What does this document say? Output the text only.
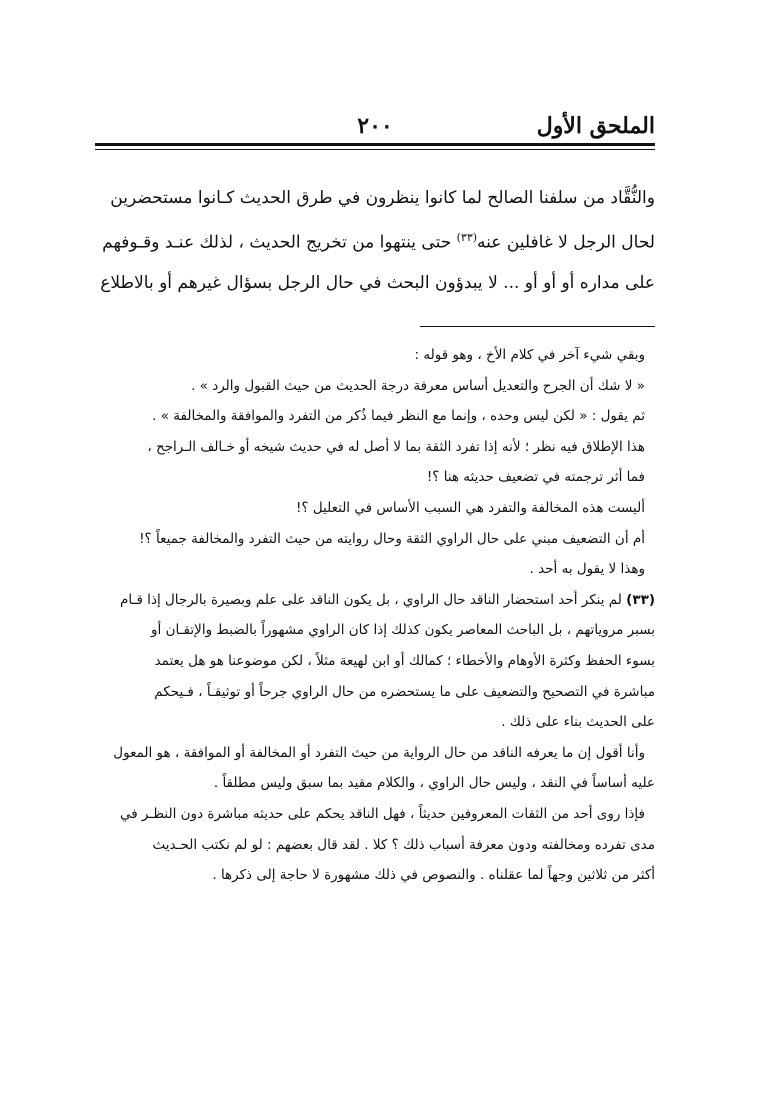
الملحق الأول
٢٠٠

والنُّقَّاد من سلفنا الصالح لما كانوا ينظرون في طرق الحديث كـانوا مستحضرين

لحال الرجل لا غافلين عنه$^{(٣٣)}$ حتى ينتهوا من تخريج الحديث ، لذلك عنـد وقـوفهم

على مداره أو أو أو ... لا يبدؤون البحث في حال الرجل بسؤال غيرهم أو بالاطلاع

وبقي شيء آخر في كلام الأخ ، وهو قوله :

« لا شك أن الجرح والتعديل أساس معرفة درجة الحديث من حيث القبول والرد » .

ثم يقول : « لكن ليس وحده ، وإنما مع النظر فيما ذُكر من التفرد والموافقة والمخالفة » .

هذا الإطلاق فيه نظر ؛ لأنه إذا تفرد الثقة بما لا أصل له في حديث شيخه أو خـالف الـراجح ،

فما أثر ترجمته في تضعيف حديثه هنا ؟!

أليست هذه المخالفة والتفرد هي السبب الأساس في التعليل ؟!

أم أن التضعيف مبني على حال الراوي الثقة وحال روايته من حيث التفرد والمخالفة جميعاً ؟!

وهذا لا يقول به أحد .

(٣٣) لم ينكر أحد استحضار الناقد حال الراوي ، بل يكون الناقد على علم وبصيرة بالرجال إذا قـام

بسبر مروياتهم ، بل الباحث المعاصر يكون كذلك إذا كان الراوي مشهوراً بالضبط والإتقـان أو

بسوء الحفظ وكثرة الأوهام والأخطاء ؛ كمالك أو ابن لهيعة مثلاً ، لكن موضوعنا هو هل يعتمد

مباشرة في التصحيح والتضعيف على ما يستحضره من حال الراوي جرحاً أو توثيقـاً ، فـيحكم

على الحديث بناء على ذلك .

وأنا أقول إن ما يعرفه الناقد من حال الرواية من حيث التفرد أو المخالفة أو الموافقة ، هو المعول

عليه أساساً في النقد ، وليس حال الراوي ، والكلام مقيد بما سبق وليس مطلقاً .

فإذا روى أحد من الثقات المعروفين حديثاً ، فهل الناقد يحكم على حديثه مباشرة دون النظـر في

مدى تفرده ومخالفته ودون معرفة أسباب ذلك ؟ كلا . لقد قال بعضهم : لو لم نكتب الحـديث

أكثر من ثلاثين وجهاً لما عقلناه . والنصوص في ذلك مشهورة لا حاجة إلى ذكرها .
